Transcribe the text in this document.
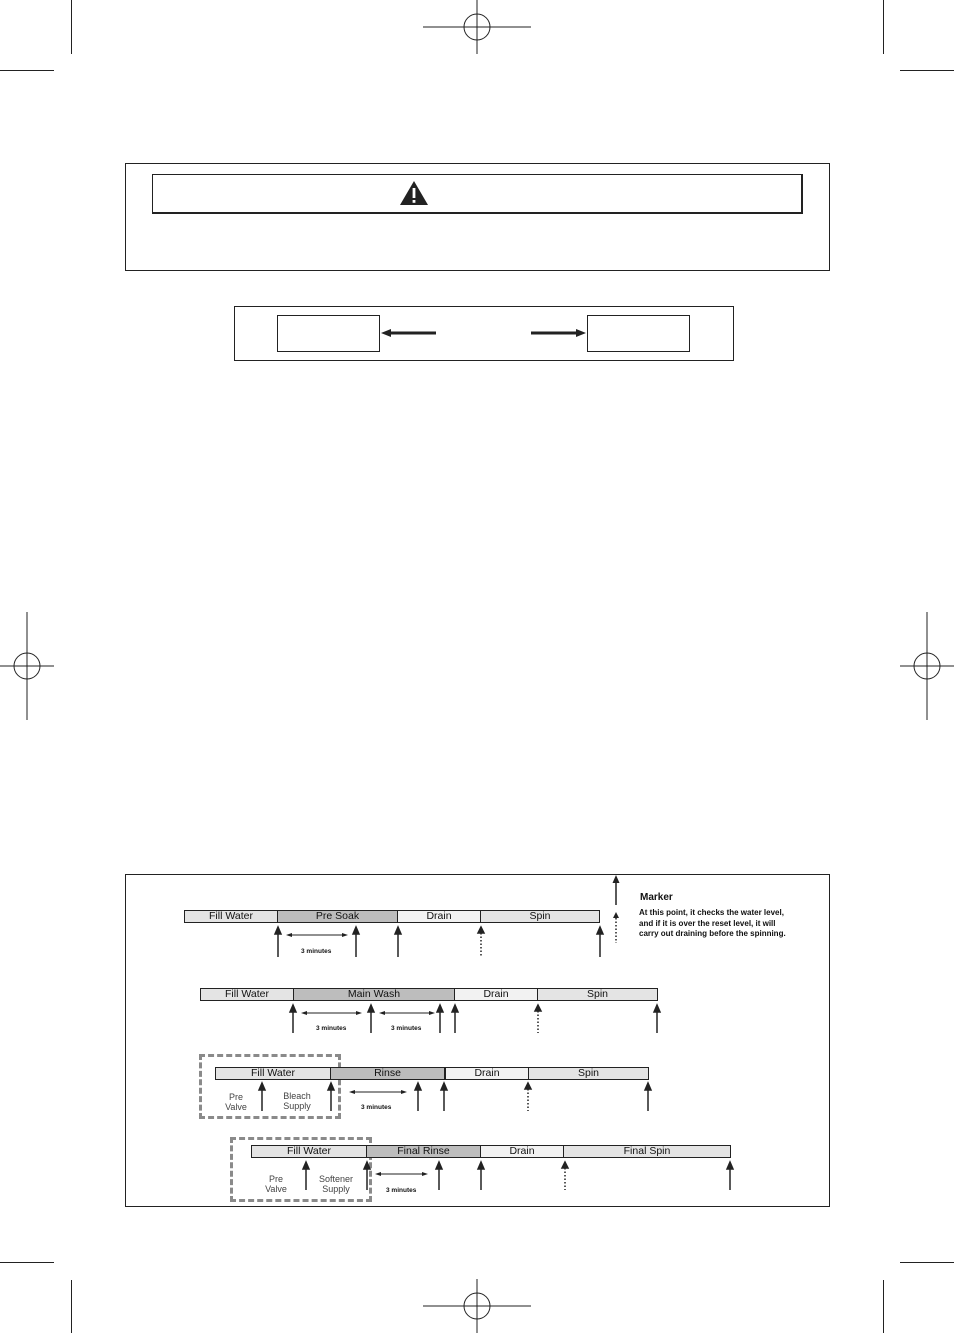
Marker
At this point, it checks the water level, and if it is over the reset level, it will carry out draining before the spinning.
Fill Water	Pre Soak	Drain	Spin
3 minutes
Fill Water	Main Wash	Drain	Spin
3 minutes	3 minutes
Fill Water	Rinse	Drain	Spin
Pre
Valve
Bleach
Supply	3 minutes
Fill Water	Final Rinse	Drain	Final Spin
Pre
Valve
Softener
Supply	3 minutes
